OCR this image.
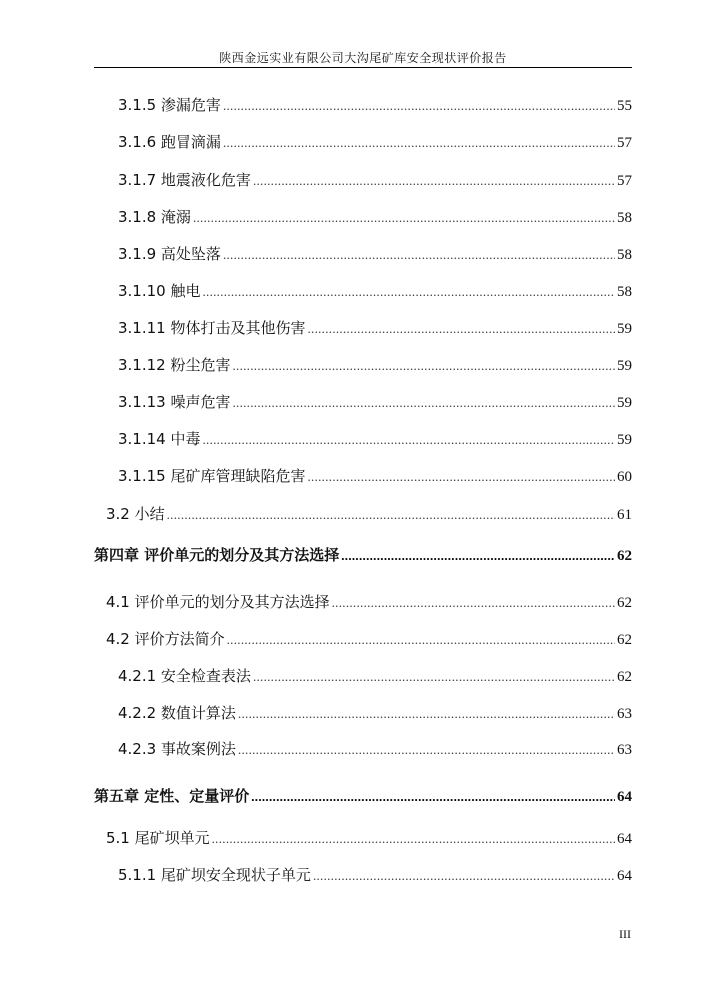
陕西金远实业有限公司大沟尾矿库安全现状评价报告
3.1.5 渗漏危害 .....	55
3.1.6 跑冒滴漏 .....	57
3.1.7 地震液化危害 .....	57
3.1.8 淹溺 .....	58
3.1.9 高处坠落 .....	58
3.1.10 触电 .....	58
3.1.11 物体打击及其他伤害 .....	59
3.1.12 粉尘危害 .....	59
3.1.13 噪声危害 .....	59
3.1.14 中毒 .....	59
3.1.15 尾矿库管理缺陷危害 .....	60
3.2 小结 .....	61
第四章 评价单元的划分及其方法选择 .....	62
4.1 评价单元的划分及其方法选择 .....	62
4.2 评价方法简介 .....	62
4.2.1 安全检查表法 .....	62
4.2.2 数值计算法 .....	63
4.2.3 事故案例法 .....	63
第五章 定性、定量评价 .....	64
5.1 尾矿坝单元 .....	64
5.1.1 尾矿坝安全现状子单元 .....	64
III
